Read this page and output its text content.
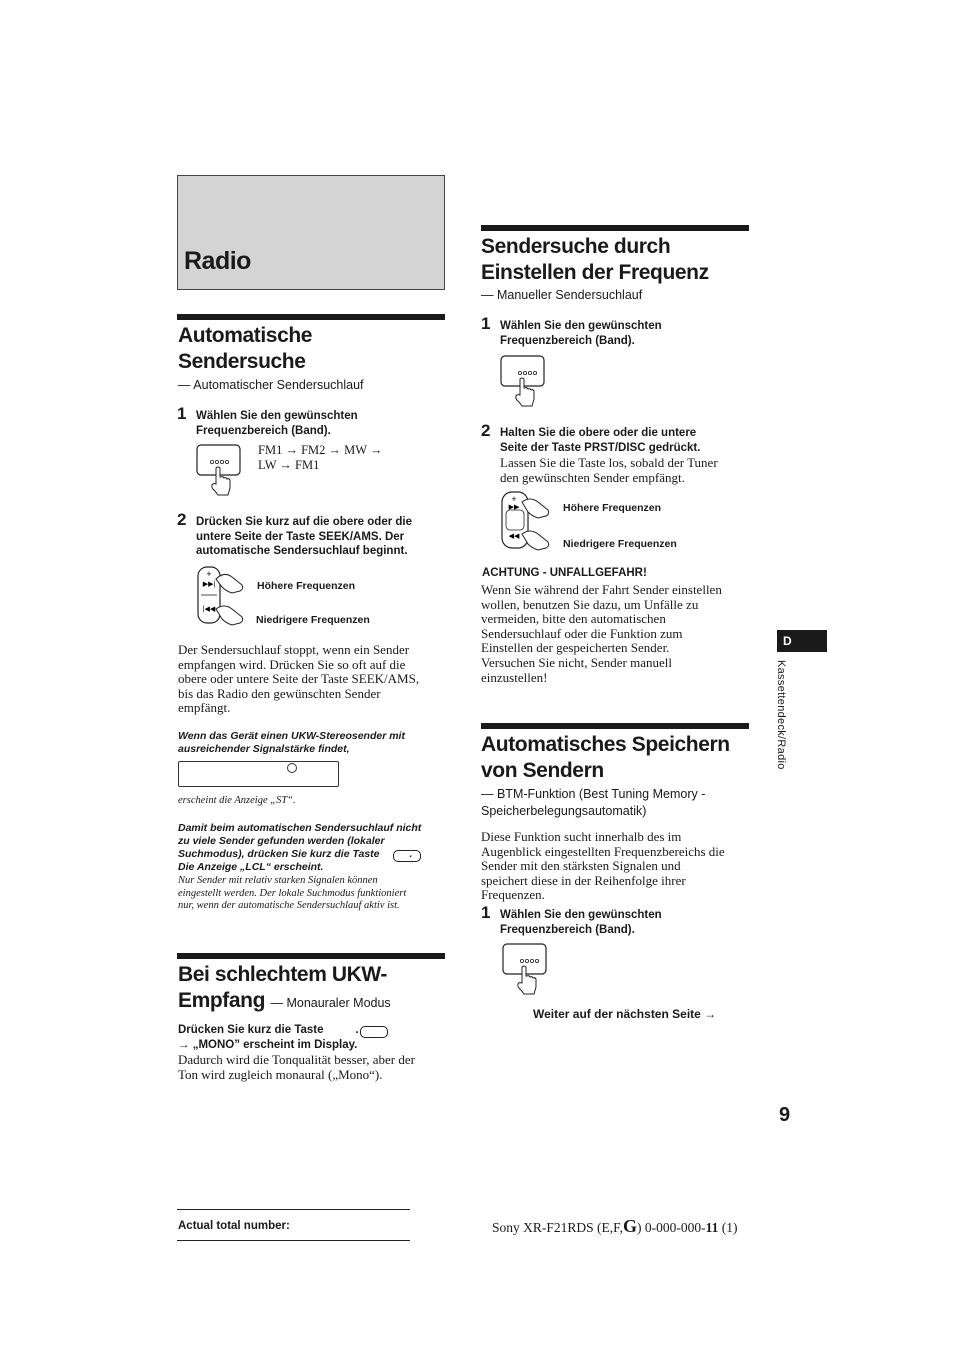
Radio
Automatische
Sendersuche
— Automatischer Sendersuchlauf
1 Wählen Sie den gewünschten
Frequenzbereich (Band).
FM1 → FM2 → MW →
LW → FM1
2 Drücken Sie kurz auf die obere oder die
untere Seite der Taste SEEK/AMS. Der
automatische Sendersuchlauf beginnt.
+
▶▶|
|◀◀
Höhere Frequenzen
Niedrigere Frequenzen
Der Sendersuchlauf stoppt, wenn ein Sender
empfangen wird. Drücken Sie so oft auf die
obere oder untere Seite der Taste SEEK/AMS,
bis das Radio den gewünschten Sender
empfängt.
Wenn das Gerät einen UKW-Stereosender mit
ausreichender Signalstärke findet,
erscheint die Anzeige „ST“.
Damit beim automatischen Sendersuchlauf nicht
zu viele Sender gefunden werden (lokaler
Suchmodus), drücken Sie kurz die Taste	.
Die Anzeige „LCL“ erscheint.
Nur Sender mit relativ starken Signalen können
eingestellt werden. Der lokale Suchmodus funktioniert
nur, wenn der automatische Sendersuchlauf aktiv ist.
Bei schlechtem UKW-
Empfang — Monauraler Modus
Drücken Sie kurz die Taste	.
→ „MONO” erscheint im Display.
Dadurch wird die Tonqualität besser, aber der
Ton wird zugleich monaural („Mono“).
Sendersuche durch
Einstellen der Frequenz
— Manueller Sendersuchlauf
1 Wählen Sie den gewünschten
Frequenzbereich (Band).
2 Halten Sie die obere oder die untere
Seite der Taste PRST/DISC gedrückt.
Lassen Sie die Taste los, sobald der Tuner
den gewünschten Sender empfängt.
+
▶▶
◀◀
Höhere Frequenzen
Niedrigere Frequenzen
ACHTUNG - UNFALLGEFAHR!
Wenn Sie während der Fahrt Sender einstellen
wollen, benutzen Sie dazu, um Unfälle zu
vermeiden, bitte den automatischen
Sendersuchlauf oder die Funktion zum
Einstellen der gespeicherten Sender.
Versuchen Sie nicht, Sender manuell
einzustellen!
Automatisches Speichern
von Sendern
— BTM-Funktion (Best Tuning Memory -
Speicherbelegungsautomatik)
Diese Funktion sucht innerhalb des im
Augenblick eingestellten Frequenzbereichs die
Sender mit den stärksten Signalen und
speichert diese in der Reihenfolge ihrer
Frequenzen.
1 Wählen Sie den gewünschten
Frequenzbereich (Band).
Weiter auf der nächsten Seite →
D
Kassettendeck/Radio
9
Actual total number:	Sony XR-F21RDS (E,F,G) 0-000-000-11 (1)
